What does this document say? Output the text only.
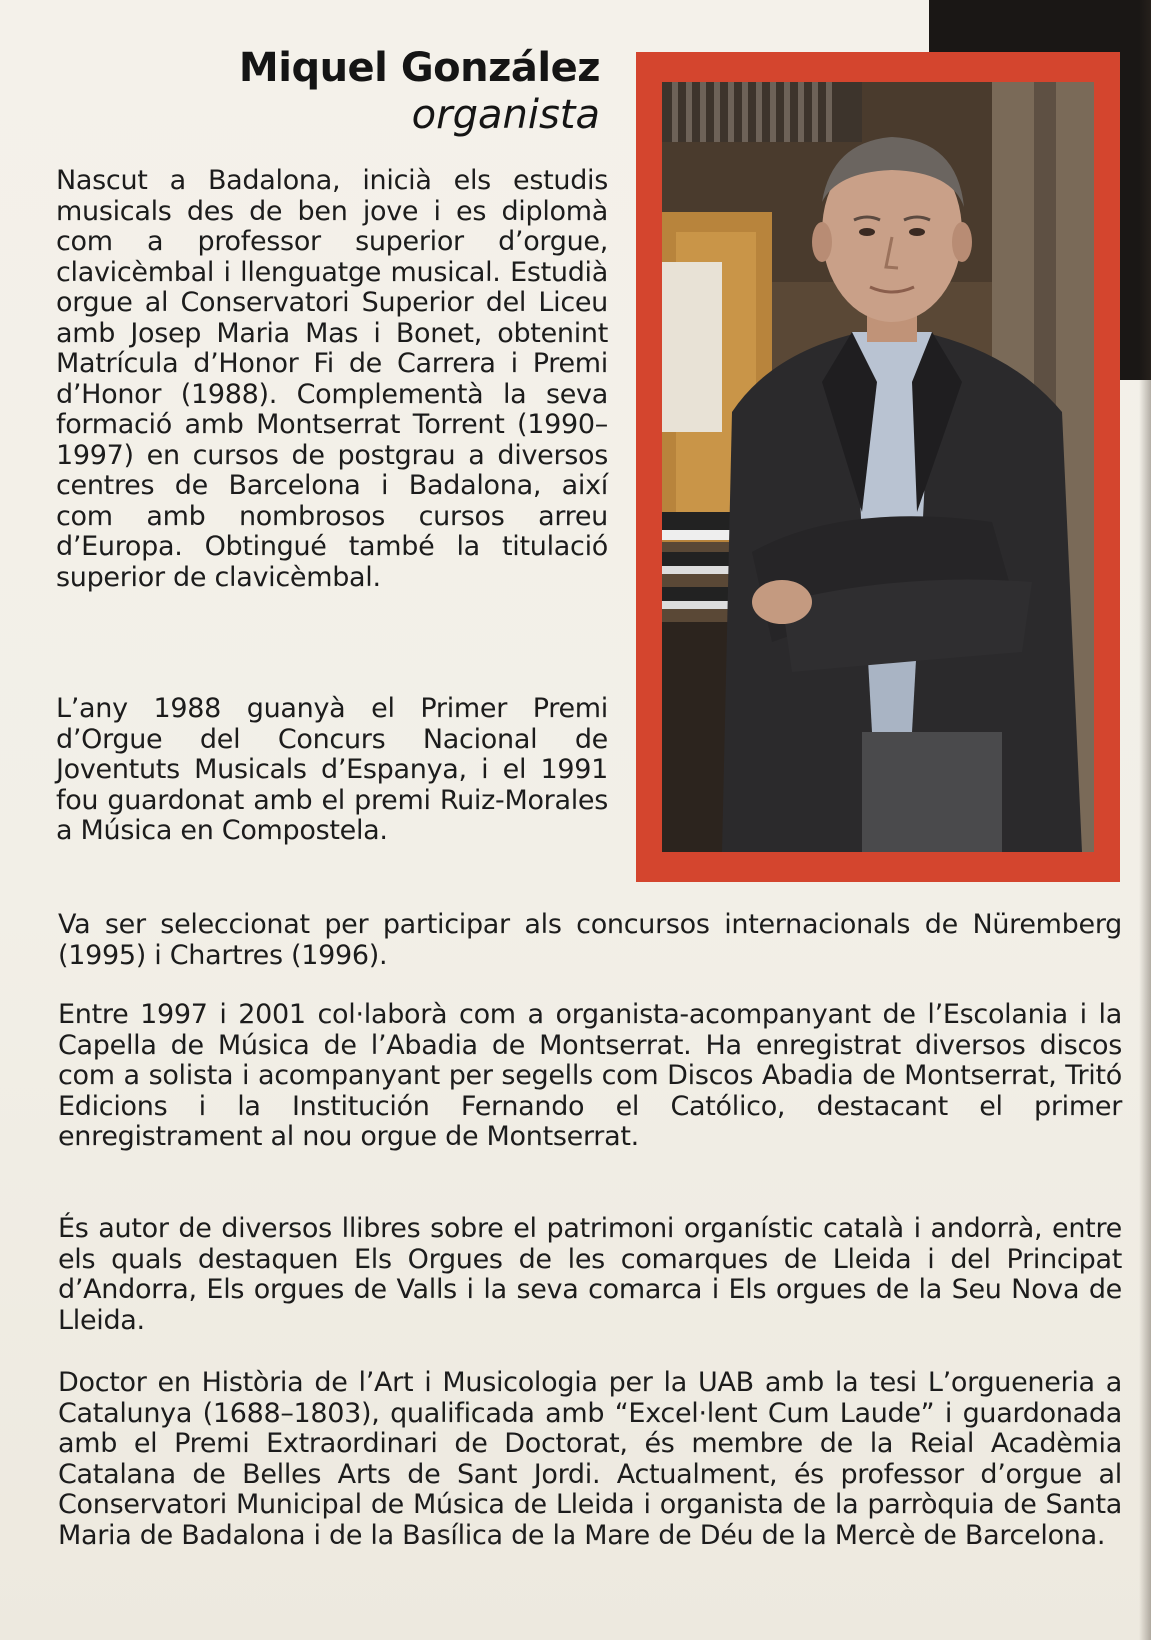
Miquel González
organista

Nascut a Badalona, inicià els estudis musicals des de ben jove i es diplomà com a professor superior d’orgue, clavicèmbal i llenguatge musical. Estudià orgue al Conservatori Superior del Liceu amb Josep Maria Mas i Bonet, obtenint Matrícula d’Honor Fi de Carrera i Premi d’Honor (1988). Complementà la seva formació amb Montserrat Torrent (1990–1997) en cursos de postgrau a diversos centres de Barcelona i Badalona, així com amb nombrosos cursos arreu d’Europa. Obtingué també la titulació superior de clavicèmbal.

L’any 1988 guanyà el Primer Premi d’Orgue del Concurs Nacional de Joventuts Musicals d’Espanya, i el 1991 fou guardonat amb el premi Ruiz-Morales a Música en Compostela.

Va ser seleccionat per participar als concursos internacionals de Nüremberg (1995) i Chartres (1996).

Entre 1997 i 2001 col·laborà com a organista-acompanyant de l’Escolania i la Capella de Música de l’Abadia de Montserrat. Ha enregistrat diversos discos com a solista i acompanyant per segells com Discos Abadia de Montserrat, Tritó Edicions i la Institución Fernando el Católico, destacant el primer enregistrament al nou orgue de Montserrat.

És autor de diversos llibres sobre el patrimoni organístic català i andorrà, entre els quals destaquen Els Orgues de les comarques de Lleida i del Principat d’Andorra, Els orgues de Valls i la seva comarca i Els orgues de la Seu Nova de Lleida.

Doctor en Història de l’Art i Musicologia per la UAB amb la tesi L’orgueneria a Catalunya (1688–1803), qualificada amb “Excel·lent Cum Laude” i guardonada amb el Premi Extraordinari de Doctorat, és membre de la Reial Acadèmia Catalana de Belles Arts de Sant Jordi. Actualment, és professor d’orgue al Conservatori Municipal de Música de Lleida i organista de la parròquia de Santa Maria de Badalona i de la Basílica de la Mare de Déu de la Mercè de Barcelona.
